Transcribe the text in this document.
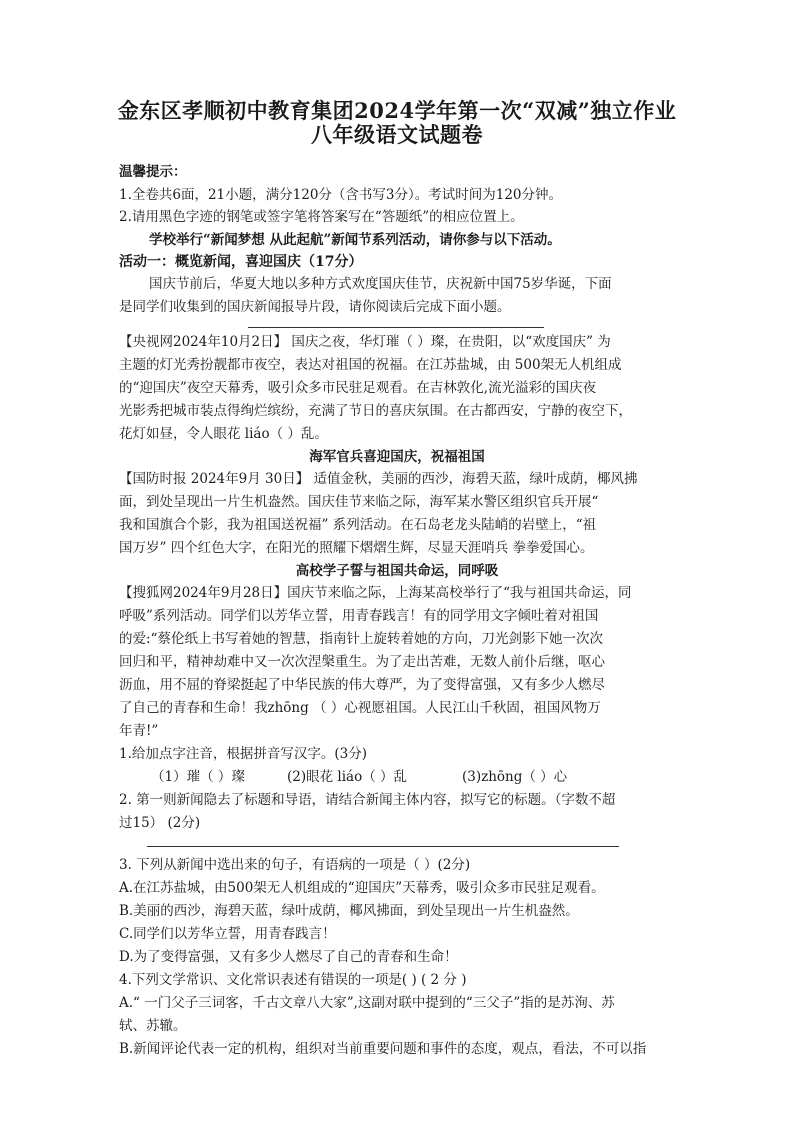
金东区孝顺初中教育集团2024学年第一次“双减”独立作业
八年级语文试题卷
温馨提示：
1.全卷共6面，21小题，满分120分（含书写3分）。考试时间为120分钟。
2.请用黑色字迹的钢笔或签字笔将答案写在“答题纸”的相应位置上。
学校举行“新闻梦想 从此起航”新闻节系列活动，请你参与以下活动。
活动一：概览新闻，喜迎国庆（17分）
国庆节前后，华夏大地以多种方式欢度国庆佳节，庆祝新中国75岁华诞，下面
是同学们收集到的国庆新闻报导片段，请你阅读后完成下面小题。
【央视网2024年10月2日】 国庆之夜，华灯璀（ ）璨，在贵阳，以“欢度国庆” 为
主题的灯光秀扮靓都市夜空，表达对祖国的祝福。在江苏盐城，由 500架无人机组成
的“迎国庆”夜空天幕秀，吸引众多市民驻足观看。在吉林敦化,流光溢彩的国庆夜
光影秀把城市装点得绚烂缤纷，充满了节日的喜庆氛围。在古都西安，宁静的夜空下，
花灯如昼，令人眼花 liáo（ ）乱。
海军官兵喜迎国庆，祝福祖国
【国防时报 2024年9月 30日】 适值金秋，美丽的西沙，海碧天蓝，绿叶成荫，椰风拂
面，到处呈现出一片生机盎然。国庆佳节来临之际，海军某水警区组织官兵开展“
我和国旗合个影，我为祖国送祝福” 系列活动。在石岛老龙头陆峭的岩壁上，“祖
国万岁” 四个红色大字，在阳光的照耀下熠熠生辉，尽显天涯哨兵 拳拳爱国心。
高校学子誓与祖国共命运，同呼吸
【搜狐网2024年9月28日】国庆节来临之际，上海某高校举行了“我与祖国共命运，同
呼吸”系列活动。同学们以芳华立誓，用青春践言！有的同学用文字倾吐着对祖国
的爱:“蔡伦纸上书写着她的智慧，指南针上旋转着她的方向，刀光剑影下她一次次
回归和平，精神劫难中又一次次涅槃重生。为了走出苦难，无数人前仆后继，呕心
沥血，用不屈的脊梁挺起了中华民族的伟大尊严，为了变得富强，又有多少人燃尽
了自己的青春和生命！我zhōng （ ）心视愿祖国。人民江山千秋固，祖国风物万
年青!”
1.给加点字注音，根据拼音写汉字。(3分)
（1）璀（ ）璨	(2)眼花 liáo（ ）乱	(3)zhōng（ ）心
2. 第一则新闻隐去了标题和导语，请结合新闻主体内容，拟写它的标题。（字数不超
过15） (2分)
3. 下列从新闻中选出来的句子，有语病的一项是（ ）(2分)
A.在江苏盐城，由500架无人机组成的“迎国庆”天幕秀，吸引众多市民驻足观看。
B.美丽的西沙，海碧天蓝，绿叶成荫，椰风拂面，到处呈现出一片生机盎然。
C.同学们以芳华立誓，用青春践言！
D.为了变得富强，又有多少人燃尽了自己的青春和生命！
4.下列文学常识、文化常识表述有错误的一项是( ) ( 2 分 )
A.“ 一门父子三词客，千古文章八大家”,这副对联中提到的“三父子”指的是苏洵、苏
轼、苏辙。
B.新闻评论代表一定的机构，组织对当前重要问题和事件的态度，观点，看法，不可以指
